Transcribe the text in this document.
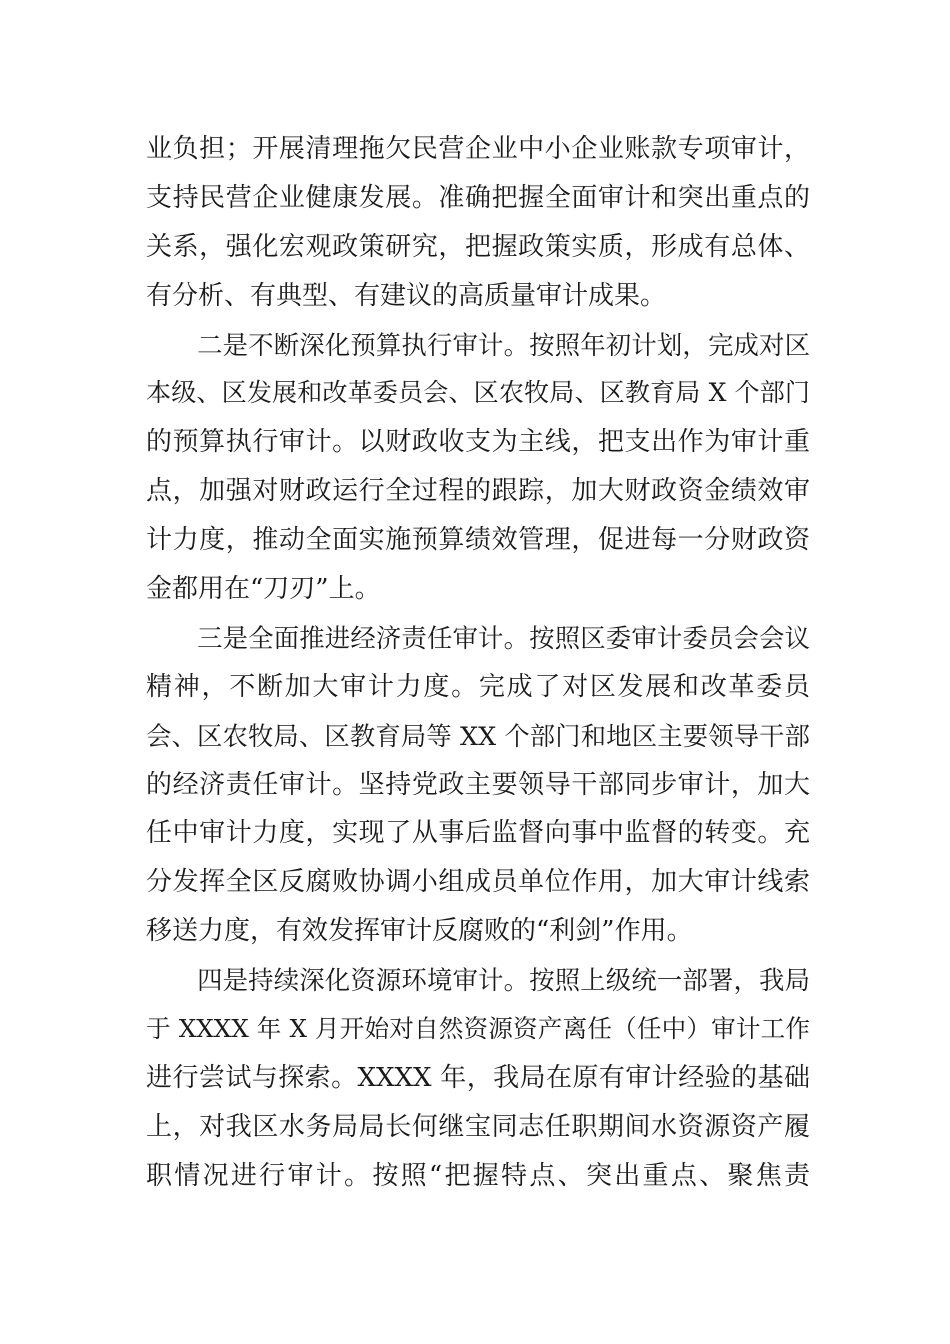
业负担；开展清理拖欠民营企业中小企业账款专项审计，
支持民营企业健康发展。准确把握全面审计和突出重点的
关系，强化宏观政策研究，把握政策实质，形成有总体、
有分析、有典型、有建议的高质量审计成果。
　　二是不断深化预算执行审计。按照年初计划，完成对区
本级、区发展和改革委员会、区农牧局、区教育局 X 个部门
的预算执行审计。以财政收支为主线，把支出作为审计重
点，加强对财政运行全过程的跟踪，加大财政资金绩效审
计力度，推动全面实施预算绩效管理，促进每一分财政资
金都用在“刀刃”上。
　　三是全面推进经济责任审计。按照区委审计委员会会议
精神，不断加大审计力度。完成了对区发展和改革委员
会、区农牧局、区教育局等 XX 个部门和地区主要领导干部
的经济责任审计。坚持党政主要领导干部同步审计，加大
任中审计力度，实现了从事后监督向事中监督的转变。充
分发挥全区反腐败协调小组成员单位作用，加大审计线索
移送力度，有效发挥审计反腐败的“利剑”作用。
　　四是持续深化资源环境审计。按照上级统一部署，我局
于 XXXX 年 X 月开始对自然资源资产离任（任中）审计工作
进行尝试与探索。XXXX 年，我局在原有审计经验的基础
上，对我区水务局局长何继宝同志任职期间水资源资产履
职情况进行审计。按照“把握特点、突出重点、聚焦责
